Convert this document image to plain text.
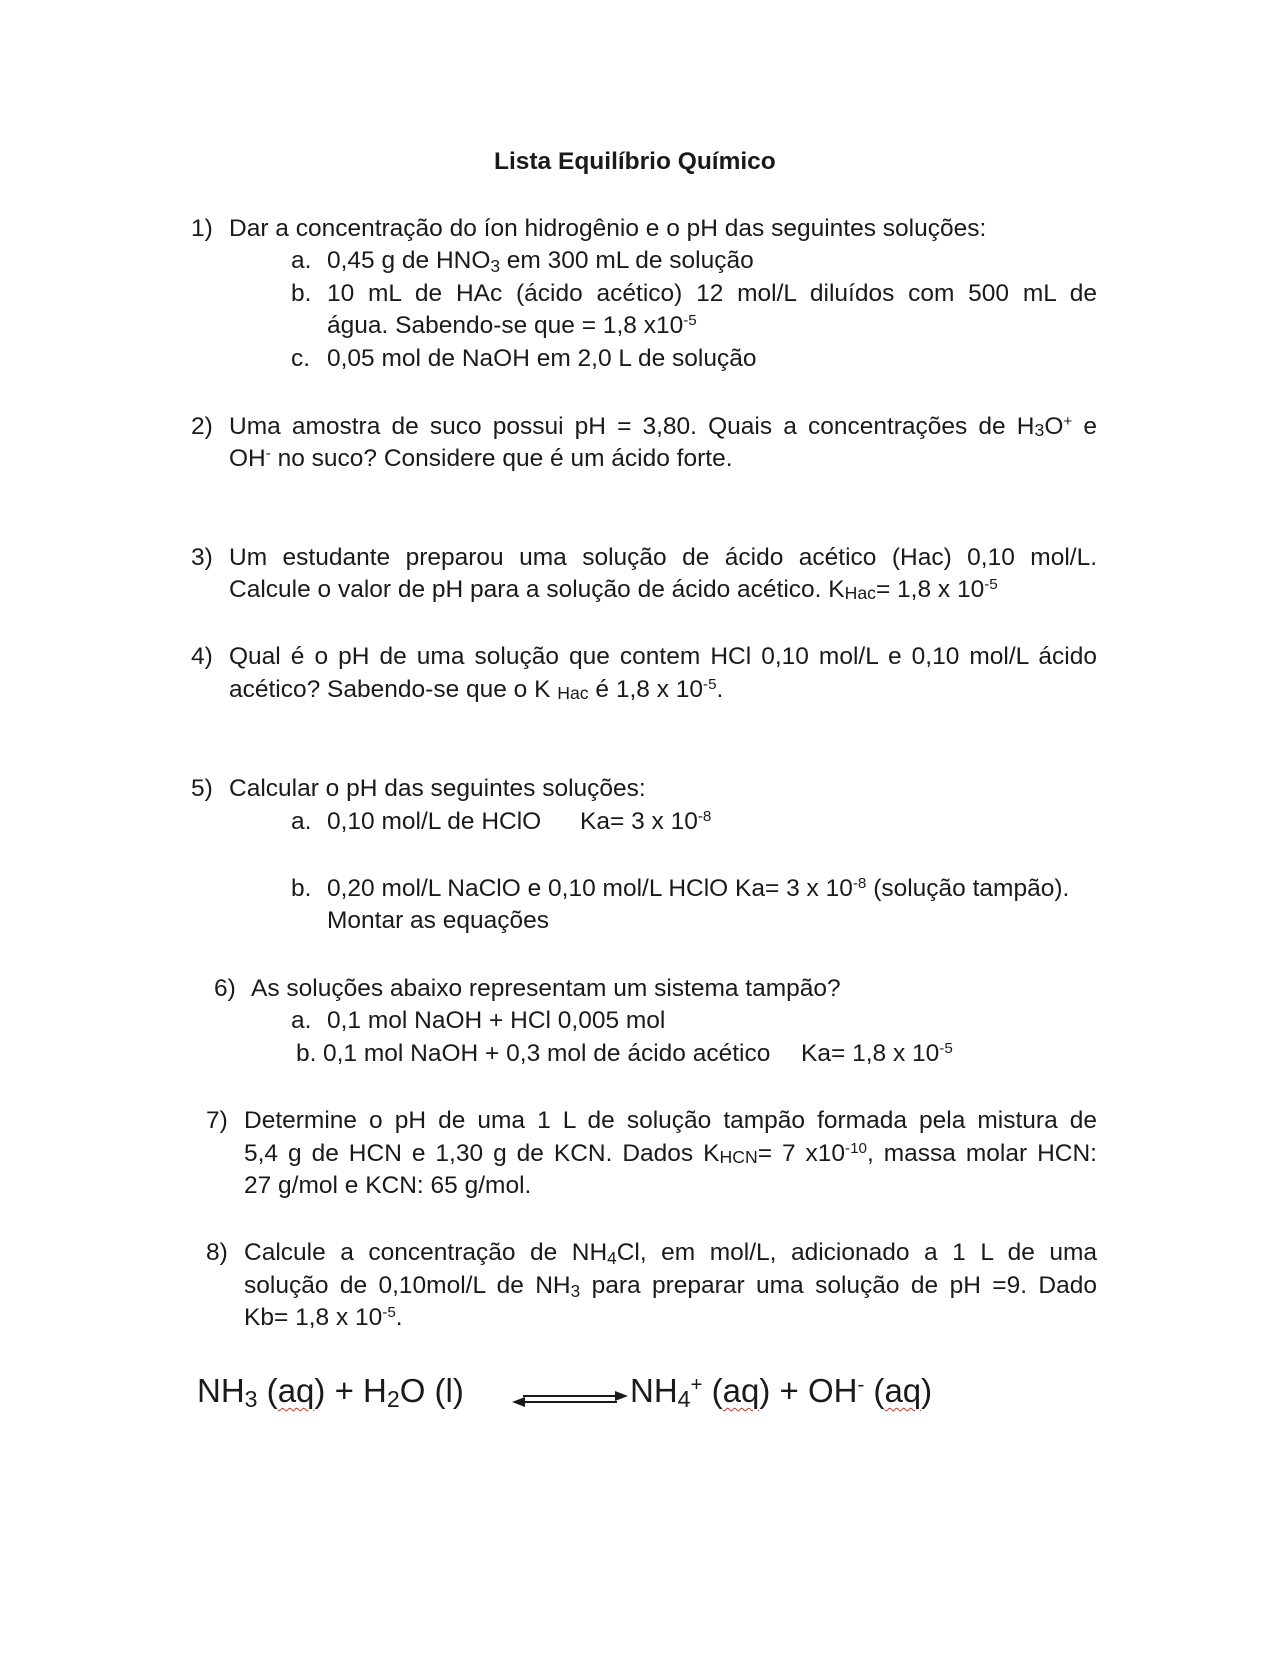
Lista Equilíbrio Químico
1) Dar a concentração do íon hidrogênio e o pH das seguintes soluções:
a. 0,45 g de $HNO_3$ em 300 mL de solução
b. 10 mL de HAc (ácido acético) 12 mol/L diluídos com 500 mL de
água. Sabendo-se que = 1,8 $x10^{-5}$
c. 0,05 mol de NaOH em 2,0 L de solução
2) Uma amostra de suco possui pH = 3,80. Quais a concentrações de H3O+ e
OH- no suco? Considere que é um ácido forte.
3) Um estudante preparou uma solução de ácido acético (Hac) 0,10 mol/L.
Calcule o valor de pH para a solução de ácido acético. KHac= 1,8 x $10^{-5}$
4) Qual é o pH de uma solução que contem HCl 0,10 mol/L e 0,10 mol/L ácido
acético? Sabendo-se que o K Hac é 1,8 x $10^{-5}$.
5) Calcular o pH das seguintes soluções:
a. 0,10 mol/L de HClO Ka= 3 x $10^{-8}$
b. 0,20 mol/L NaClO e 0,10 mol/L HClO Ka= 3 x $10^{-8}$ (solução tampão).
Montar as equações
6) As soluções abaixo representam um sistema tampão?
a. 0,1 mol NaOH + HCl 0,005 mol
b. 0,1 mol NaOH + 0,3 mol de ácido acético Ka= 1,8 x $10^{-5}$
7) Determine o pH de uma 1 L de solução tampão formada pela mistura de
5,4 g de HCN e 1,30 g de KCN. Dados KHCN= 7 $x10^{-10}$, massa molar HCN:
27 g/mol e KCN: 65 g/mol.
8) Calcule a concentração de $NH_4Cl$, em mol/L, adicionado a 1 L de uma
solução de 0,10mol/L de $NH_3$ para preparar uma solução de pH =9. Dado
Kb= 1,8 x $10^{-5}$.
$NH_3$ $(aq) + H_2O$ (l)	$NH_4^+$ (aq) + OH- (aq)
